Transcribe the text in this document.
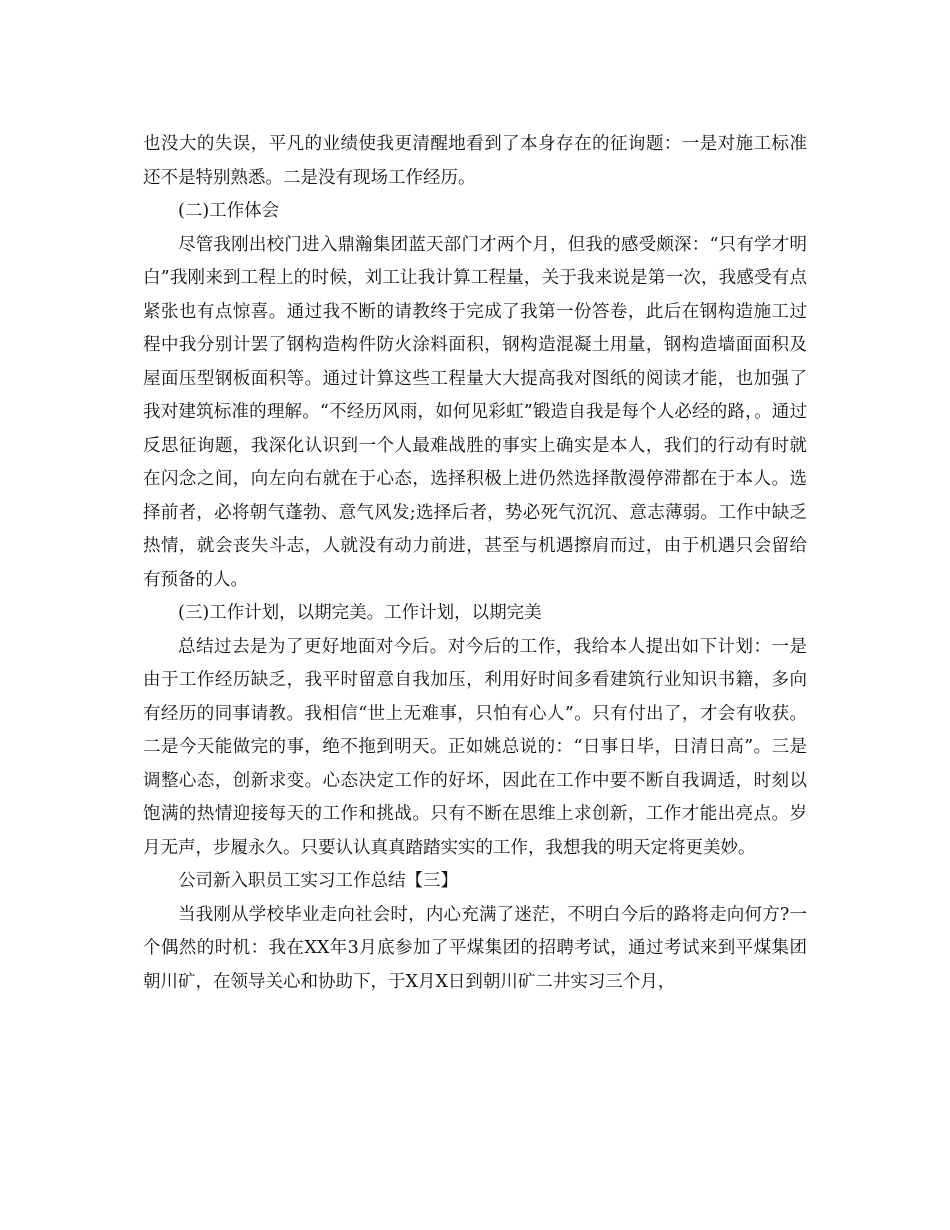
也没大的失误，平凡的业绩使我更清醒地看到了本身存在的征询题：一是对施工标准还不是特别熟悉。二是没有现场工作经历。

(二)工作体会

尽管我刚出校门进入鼎瀚集团蓝天部门才两个月，但我的感受颇深：“只有学才明白”我刚来到工程上的时候，刘工让我计算工程量，关于我来说是第一次，我感受有点紧张也有点惊喜。通过我不断的请教终于完成了我第一份答卷，此后在钢构造施工过程中我分别计罢了钢构造构件防火涂料面积，钢构造混凝土用量，钢构造墙面面积及屋面压型钢板面积等。通过计算这些工程量大大提高我对图纸的阅读才能，也加强了我对建筑标准的理解。“不经历风雨，如何见彩虹”锻造自我是每个人必经的路，。通过反思征询题，我深化认识到一个人最难战胜的事实上确实是本人，我们的行动有时就在闪念之间，向左向右就在于心态，选择积极上进仍然选择散漫停滞都在于本人。选择前者，必将朝气蓬勃、意气风发;选择后者，势必死气沉沉、意志薄弱。工作中缺乏热情，就会丧失斗志，人就没有动力前进，甚至与机遇擦肩而过，由于机遇只会留给有预备的人。

(三)工作计划，以期完美。工作计划，以期完美

总结过去是为了更好地面对今后。对今后的工作，我给本人提出如下计划：一是由于工作经历缺乏，我平时留意自我加压，利用好时间多看建筑行业知识书籍，多向有经历的同事请教。我相信“世上无难事，只怕有心人”。只有付出了，才会有收获。二是今天能做完的事，绝不拖到明天。正如姚总说的：“日事日毕，日清日高”。三是调整心态，创新求变。心态决定工作的好坏，因此在工作中要不断自我调适，时刻以饱满的热情迎接每天的工作和挑战。只有不断在思维上求创新，工作才能出亮点。岁月无声，步履永久。只要认认真真踏踏实实的工作，我想我的明天定将更美妙。

公司新入职员工实习工作总结【三】

当我刚从学校毕业走向社会时，内心充满了迷茫，不明白今后的路将走向何方?一个偶然的时机：我在XX年3月底参加了平煤集团的招聘考试，通过考试来到平煤集团朝川矿，在领导关心和协助下，于X月X日到朝川矿二井实习三个月，
